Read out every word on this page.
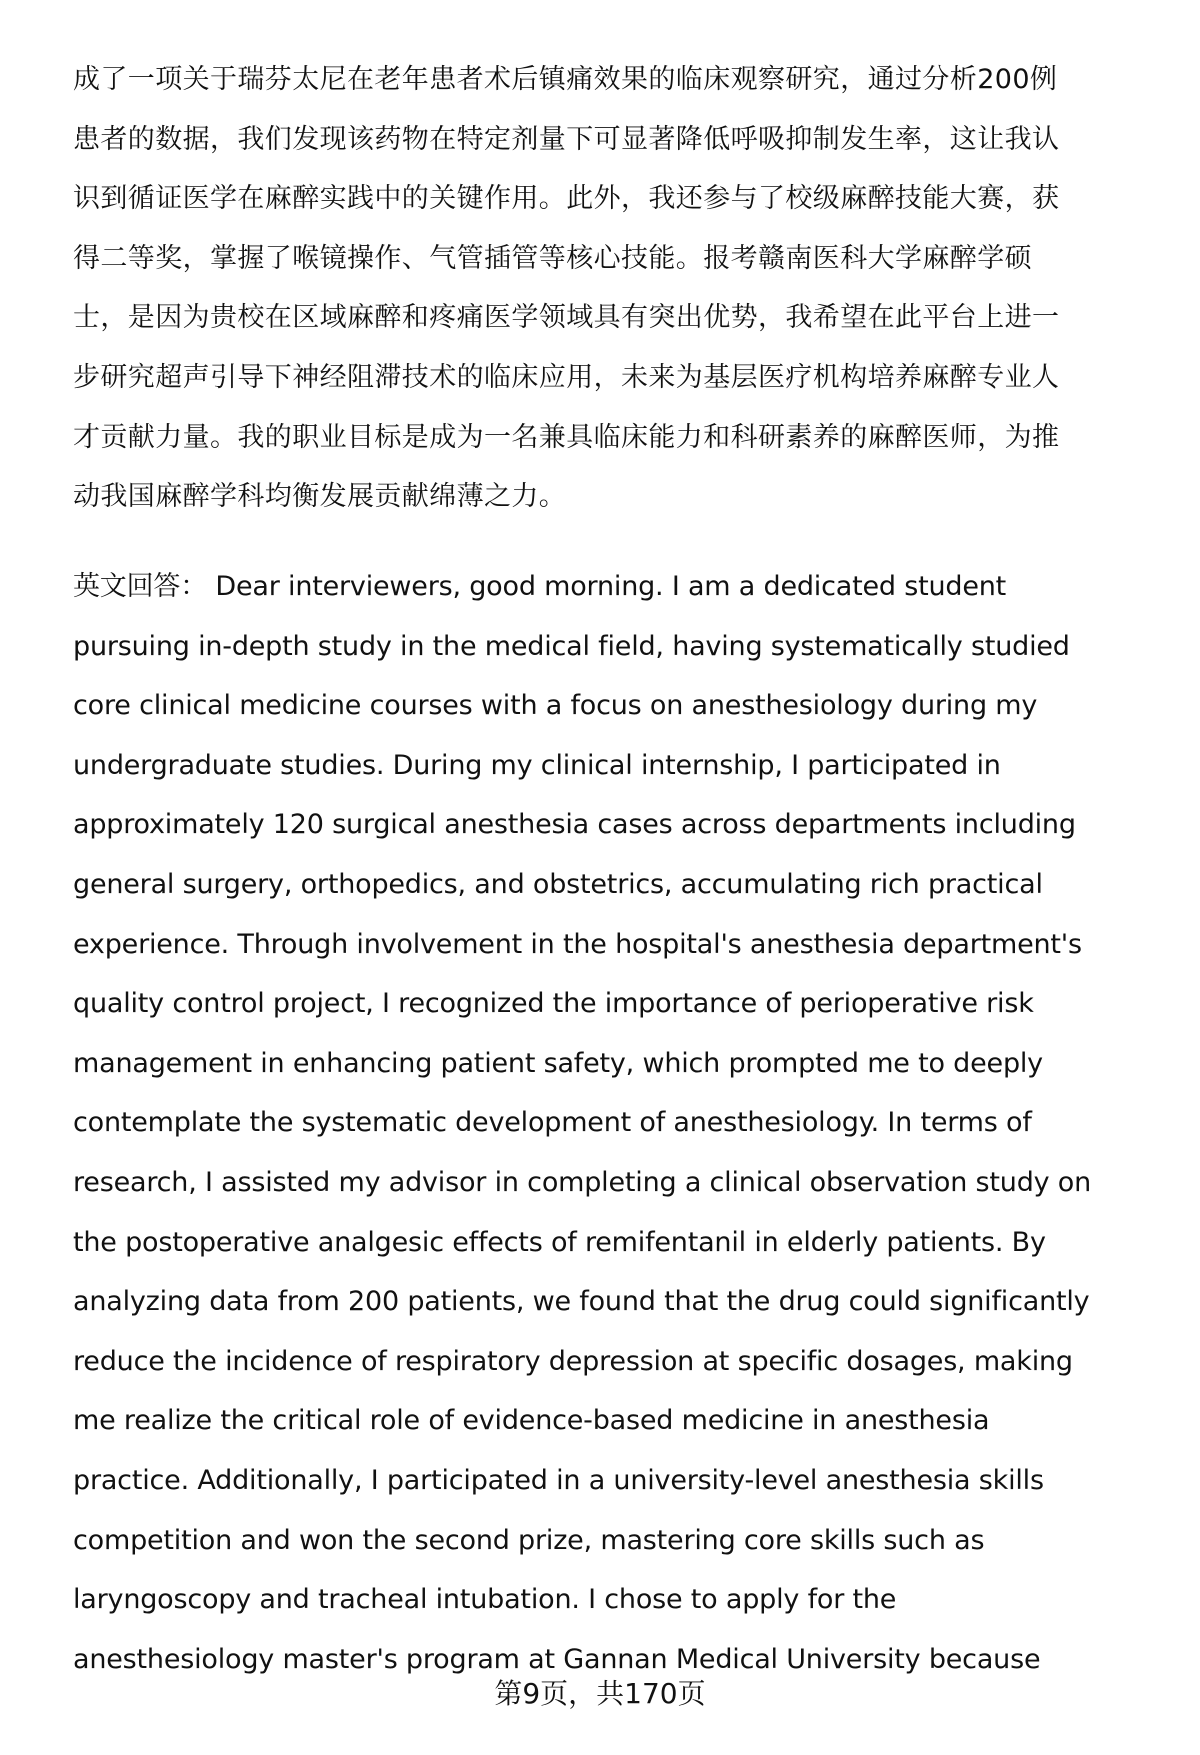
成了一项关于瑞芬太尼在老年患者术后镇痛效果的临床观察研究，通过分析200例
患者的数据，我们发现该药物在特定剂量下可显著降低呼吸抑制发生率，这让我认
识到循证医学在麻醉实践中的关键作用。此外，我还参与了校级麻醉技能大赛，获
得二等奖，掌握了喉镜操作、气管插管等核心技能。报考赣南医科大学麻醉学硕
士，是因为贵校在区域麻醉和疼痛医学领域具有突出优势，我希望在此平台上进一
步研究超声引导下神经阻滞技术的临床应用，未来为基层医疗机构培养麻醉专业人
才贡献力量。我的职业目标是成为一名兼具临床能力和科研素养的麻醉医师，为推
动我国麻醉学科均衡发展贡献绵薄之力。
英文回答： Dear interviewers, good morning. I am a dedicated student
pursuing in-depth study in the medical field, having systematically studied
core clinical medicine courses with a focus on anesthesiology during my
undergraduate studies. During my clinical internship, I participated in
approximately 120 surgical anesthesia cases across departments including
general surgery, orthopedics, and obstetrics, accumulating rich practical
experience. Through involvement in the hospital's anesthesia department's
quality control project, I recognized the importance of perioperative risk
management in enhancing patient safety, which prompted me to deeply
contemplate the systematic development of anesthesiology. In terms of
research, I assisted my advisor in completing a clinical observation study on
the postoperative analgesic effects of remifentanil in elderly patients. By
analyzing data from 200 patients, we found that the drug could significantly
reduce the incidence of respiratory depression at specific dosages, making
me realize the critical role of evidence-based medicine in anesthesia
practice. Additionally, I participated in a university-level anesthesia skills
competition and won the second prize, mastering core skills such as
laryngoscopy and tracheal intubation. I chose to apply for the
anesthesiology master's program at Gannan Medical University because
第9页，共170页
